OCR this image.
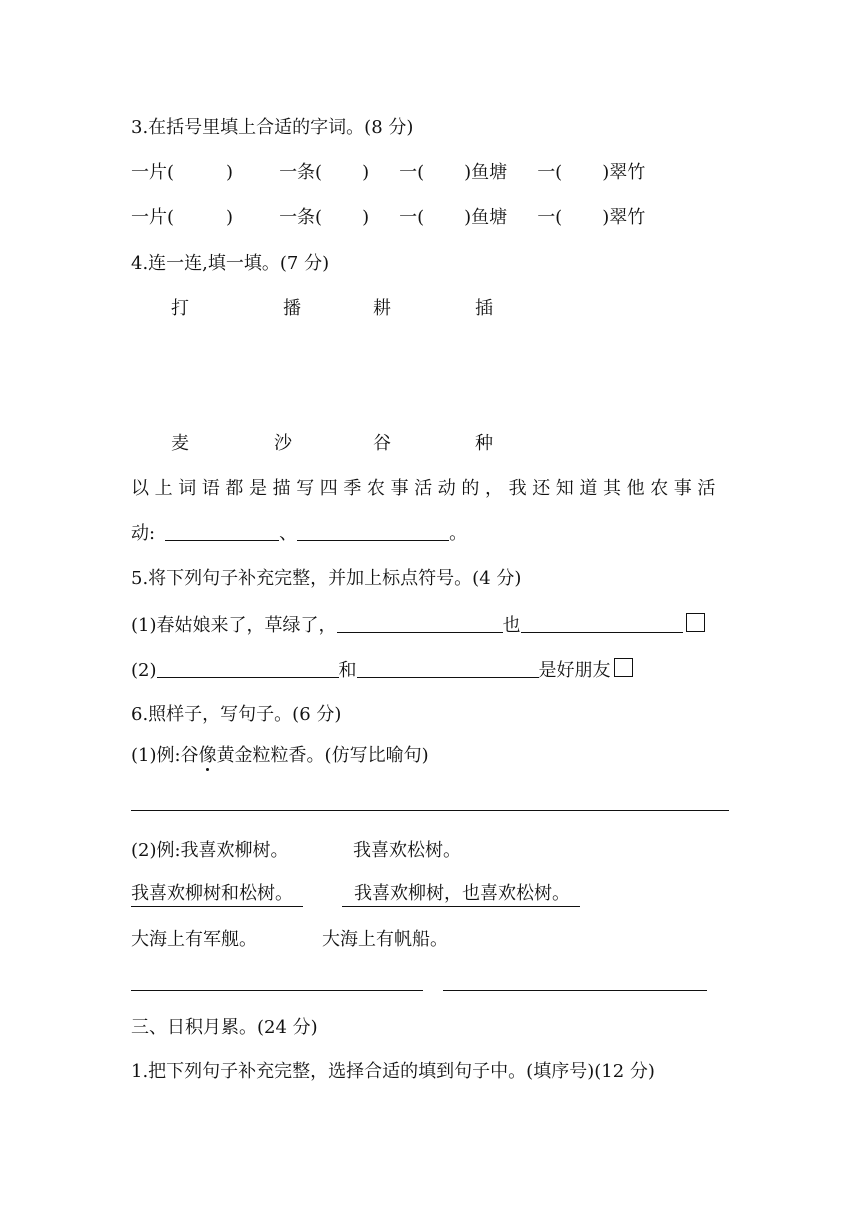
3.在括号里填上合适的字词。(8 分)
一片(	)	一条( ) 一( )鱼塘 一( )翠竹
一片(	)	一条( ) 一( )鱼塘 一( )翠竹
4.连一连,填一填。(7 分)
打	播	耕	插
麦	沙	谷	种
以上词语都是描写四季农事活动的，我还知道其他农事活
动:	、	。
5.将下列句子补充完整，并加上标点符号。(4 分)
(1)春姑娘来了，草绿了，	也
(2)	和	是好朋友
6.照样子，写句子。(6 分)
(1)例:谷像黄金粒粒香。(仿写比喻句)
(2)例:我喜欢柳树。	我喜欢松树。
我喜欢柳树和松树。	我喜欢柳树，也喜欢松树。
大海上有军舰。	大海上有帆船。
三、日积月累。(24 分)
1.把下列句子补充完整，选择合适的填到句子中。(填序号)(12 分)
